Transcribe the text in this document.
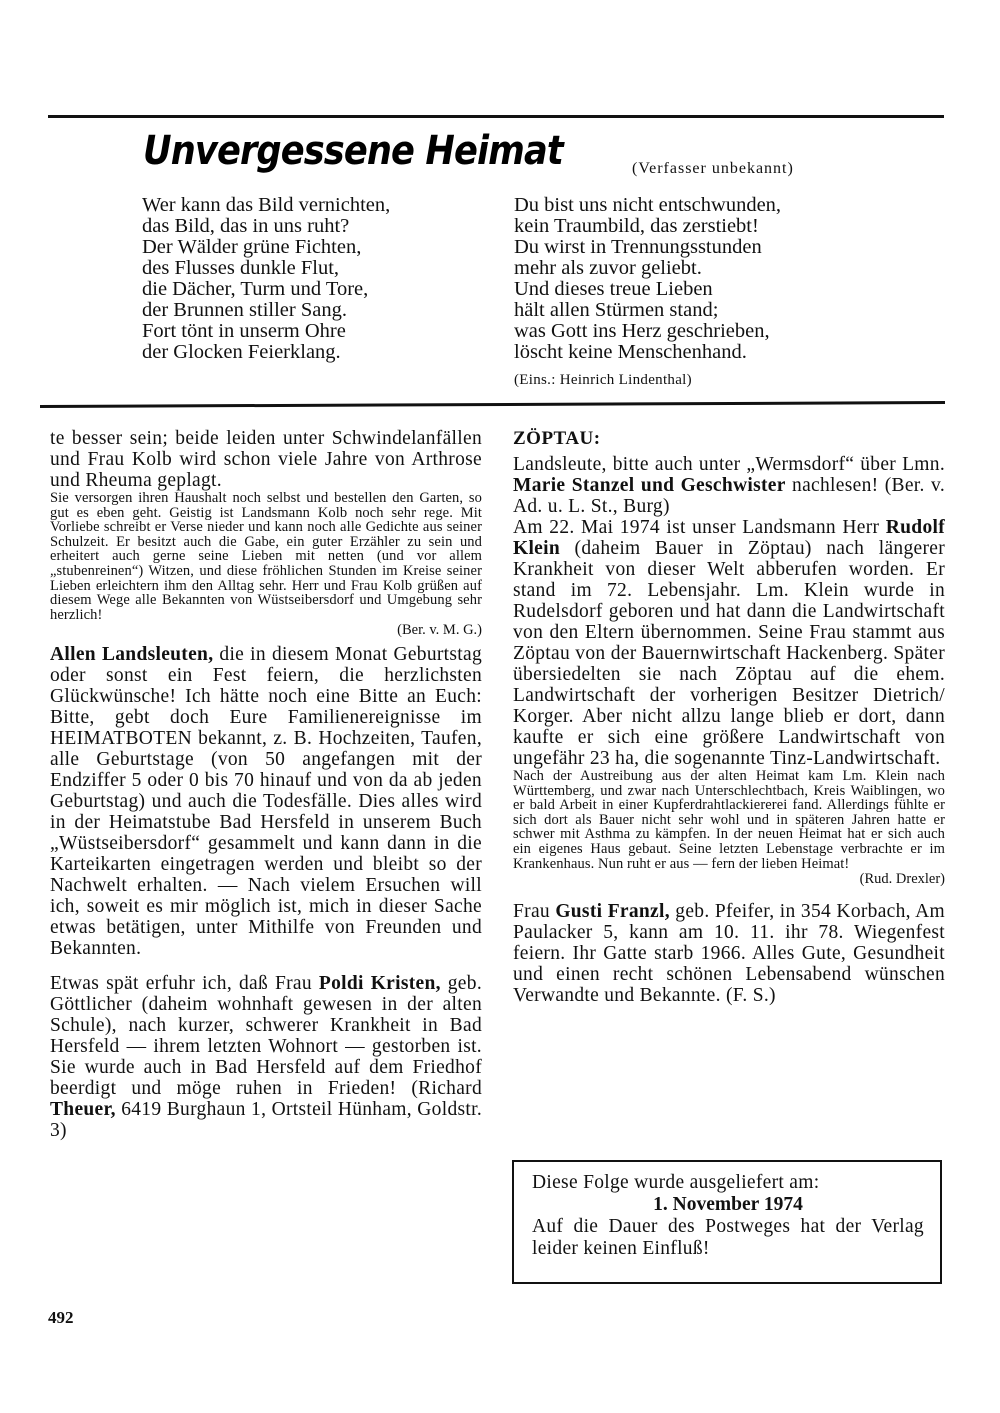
Unvergessene Heimat	(Verfasser unbekannt)
Wer kann das Bild vernichten,
das Bild, das in uns ruht?
Der Wälder grüne Fichten,
des Flusses dunkle Flut,
die Dächer, Turm und Tore,
der Brunnen stiller Sang.
Fort tönt in unserm Ohre
der Glocken Feierklang.
Du bist uns nicht entschwunden,
kein Traumbild, das zerstiebt!
Du wirst in Trennungsstunden
mehr als zuvor geliebt.
Und dieses treue Lieben
hält allen Stürmen stand;
was Gott ins Herz geschrieben,
löscht keine Menschenhand.
(Eins.: Heinrich Lindenthal)

te besser sein; beide leiden unter Schwindelanfällen und Frau Kolb wird schon viele Jahre von Arthrose und Rheuma geplagt.

Sie versorgen ihren Haushalt noch selbst und bestellen den Garten, so gut es eben geht. Geistig ist Landsmann Kolb noch sehr rege. Mit Vorliebe schreibt er Verse nieder und kann noch alle Gedichte aus seiner Schulzeit. Er besitzt auch die Gabe, ein guter Erzähler zu sein und erheitert auch gerne seine Lieben mit netten (und vor allem „stubenreinen“) Witzen, und diese fröhlichen Stunden im Kreise seiner Lieben erleichtern ihm den Alltag sehr. Herr und Frau Kolb grüßen auf diesem Wege alle Bekannten von Wüstseibersdorf und Umgebung sehr herzlich!

(Ber. v. M. G.)

Allen Landsleuten, die in diesem Monat Geburtstag oder sonst ein Fest feiern, die herzlichsten Glückwünsche! Ich hätte noch eine Bitte an Euch: Bitte, gebt doch Eure Familienereignisse im HEIMATBOTEN bekannt, z. B. Hochzeiten, Taufen, alle Geburtstage (von 50 angefangen mit der Endziffer 5 oder 0 bis 70 hinauf und von da ab jeden Geburtstag) und auch die Todesfälle. Dies alles wird in der Heimatstube Bad Hersfeld in unserem Buch „Wüstseibersdorf“ gesammelt und kann dann in die Karteikarten eingetragen werden und bleibt so der Nachwelt erhalten. — Nach vielem Ersuchen will ich, soweit es mir möglich ist, mich in dieser Sache etwas betätigen, unter Mithilfe von Freunden und Bekannten.

Etwas spät erfuhr ich, daß Frau Poldi Kristen, geb. Göttlicher (daheim wohnhaft gewesen in der alten Schule), nach kurzer, schwerer Krankheit in Bad Hersfeld — ihrem letzten Wohnort — gestorben ist. Sie wurde auch in Bad Hersfeld auf dem Friedhof beerdigt und möge ruhen in Frieden! (Richard Theuer, 6419 Burghaun 1, Ortsteil Hünham, Goldstr. 3)

ZÖPTAU:

Landsleute, bitte auch unter „Wermsdorf“ über Lmn. Marie Stanzel und Geschwister nachlesen! (Ber. v. Ad. u. L. St., Burg)

Am 22. Mai 1974 ist unser Landsmann Herr Rudolf Klein (daheim Bauer in Zöptau) nach längerer Krankheit von dieser Welt abberufen worden. Er stand im 72. Lebensjahr. Lm. Klein wurde in Rudelsdorf geboren und hat dann die Landwirtschaft von den Eltern übernommen. Seine Frau stammt aus Zöptau von der Bauernwirtschaft Hackenberg. Später übersiedelten sie nach Zöptau auf die ehem. Landwirtschaft der vorherigen Besitzer Dietrich/ Korger. Aber nicht allzu lange blieb er dort, dann kaufte er sich eine größere Landwirtschaft von ungefähr 23 ha, die sogenannte Tinz-Landwirtschaft.

Nach der Austreibung aus der alten Heimat kam Lm. Klein nach Württemberg, und zwar nach Unterschlechtbach, Kreis Waiblingen, wo er bald Arbeit in einer Kupferdrahtlackiererei fand. Allerdings fühlte er sich dort als Bauer nicht sehr wohl und in späteren Jahren hatte er schwer mit Asthma zu kämpfen. In der neuen Heimat hat er sich auch ein eigenes Haus gebaut. Seine letzten Lebenstage verbrachte er im Krankenhaus. Nun ruht er aus — fern der lieben Heimat!

(Rud. Drexler)

Frau Gusti Franzl, geb. Pfeifer, in 354 Korbach, Am Paulacker 5, kann am 10. 11. ihr 78. Wiegenfest feiern. Ihr Gatte starb 1966. Alles Gute, Gesundheit und einen recht schönen Lebensabend wünschen Verwandte und Bekannte. (F. S.)

Diese Folge wurde ausgeliefert am:
1. November 1974
Auf die Dauer des Postweges hat der Verlag leider keinen Einfluß!
492
